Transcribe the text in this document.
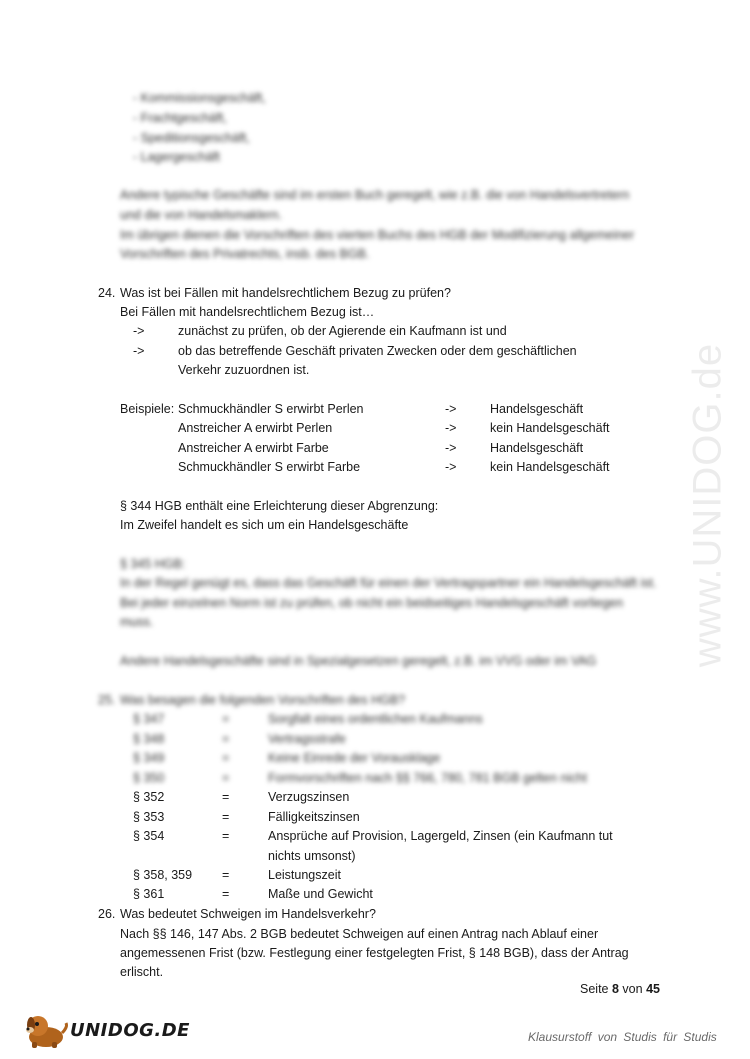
www.UNIDOG.de
- Kommissionsgeschäft,
- Frachtgeschäft,
- Speditionsgeschäft,
- Lagergeschäft
Andere typische Geschäfte sind im ersten Buch geregelt, wie z.B. die von Handelsvertretern
und die von Handelsmaklern.
Im übrigen dienen die Vorschriften des vierten Buchs des HGB der Modifizierung allgemeiner
Vorschriften des Privatrechts, insb. des BGB.
24. Was ist bei Fällen mit handelsrechtlichem Bezug zu prüfen?
Bei Fällen mit handelsrechtlichem Bezug ist…
->	zunächst zu prüfen, ob der Agierende ein Kaufmann ist und
->	ob das betreffende Geschäft privaten Zwecken oder dem geschäftlichen
Verkehr zuzuordnen ist.
Beispiele: Schmuckhändler S erwirbt Perlen	->	Handelsgeschäft
Anstreicher A erwirbt Perlen	->	kein Handelsgeschäft
Anstreicher A erwirbt Farbe	->	Handelsgeschäft
Schmuckhändler S erwirbt Farbe	->	kein Handelsgeschäft
§ 344 HGB enthält eine Erleichterung dieser Abgrenzung:
Im Zweifel handelt es sich um ein Handelsgeschäfte
§ 345 HGB:
In der Regel genügt es, dass das Geschäft für einen der Vertragspartner ein Handelsgeschäft ist.
Bei jeder einzelnen Norm ist zu prüfen, ob nicht ein beidseitiges Handelsgeschäft vorliegen
muss.
Andere Handelsgeschäfte sind in Spezialgesetzen geregelt, z.B. im VVG oder im VAG
25. Was besagen die folgenden Vorschriften des HGB?
§ 347	=	Sorgfalt eines ordentlichen Kaufmanns
§ 348	=	Vertragsstrafe
§ 349	=	Keine Einrede der Vorausklage
§ 350	=	Formvorschriften nach §§ 766, 780, 781 BGB gelten nicht
§ 352	=	Verzugszinsen
§ 353	=	Fälligkeitszinsen
§ 354	=	Ansprüche auf Provision, Lagergeld, Zinsen (ein Kaufmann tut
nichts umsonst)
§ 358, 359 =	Leistungszeit
§ 361	=	Maße und Gewicht
26. Was bedeutet Schweigen im Handelsverkehr?
Nach §§ 146, 147 Abs. 2 BGB bedeutet Schweigen auf einen Antrag nach Ablauf einer
angemessenen Frist (bzw. Festlegung einer festgelegten Frist, § 148 BGB), dass der Antrag
erlischt.
Seite 8 von 45
UNIDOG.DE	Klausurstoff von Studis für Studis
